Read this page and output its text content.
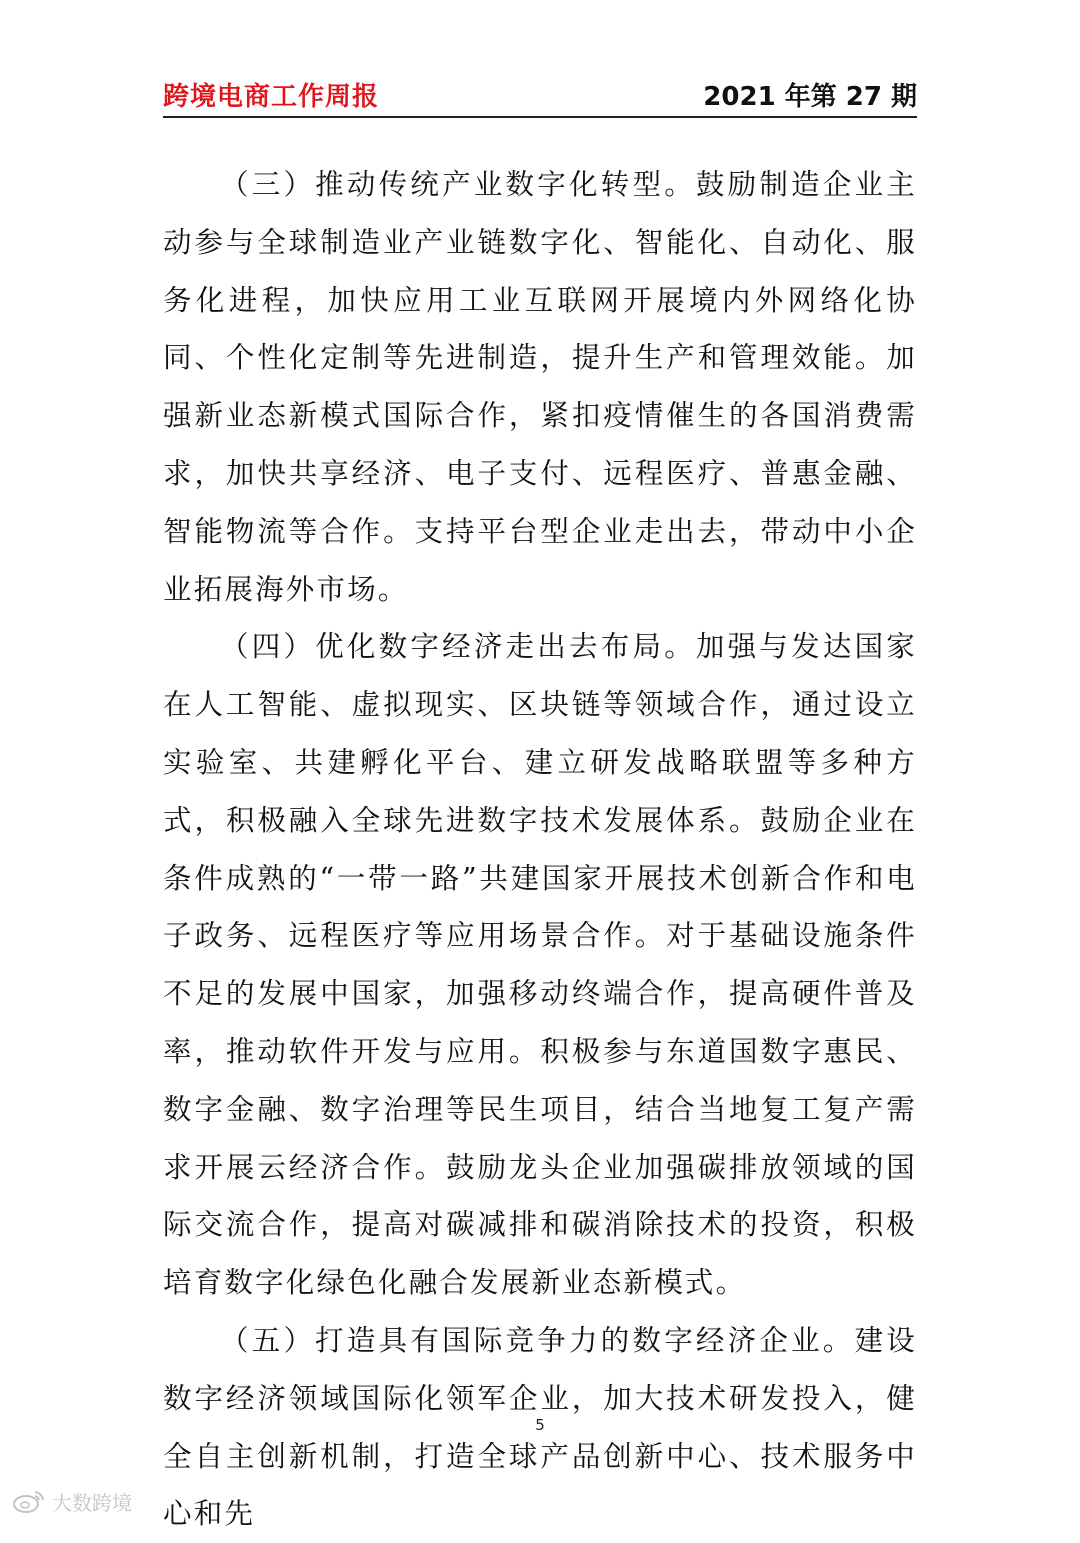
跨境电商工作周报	2021 年第 27 期

（三）推动传统产业数字化转型。鼓励制造企业主动参与全球制造业产业链数字化、智能化、自动化、服务化进程，加快应用工业互联网开展境内外网络化协同、个性化定制等先进制造，提升生产和管理效能。加强新业态新模式国际合作，紧扣疫情催生的各国消费需求，加快共享经济、电子支付、远程医疗、普惠金融、智能物流等合作。支持平台型企业走出去，带动中小企业拓展海外市场。

（四）优化数字经济走出去布局。加强与发达国家在人工智能、虚拟现实、区块链等领域合作，通过设立实验室、共建孵化平台、建立研发战略联盟等多种方式，积极融入全球先进数字技术发展体系。鼓励企业在条件成熟的“一带一路”共建国家开展技术创新合作和电子政务、远程医疗等应用场景合作。对于基础设施条件不足的发展中国家，加强移动终端合作，提高硬件普及率，推动软件开发与应用。积极参与东道国数字惠民、数字金融、数字治理等民生项目，结合当地复工复产需求开展云经济合作。鼓励龙头企业加强碳排放领域的国际交流合作，提高对碳减排和碳消除技术的投资，积极培育数字化绿色化融合发展新业态新模式。

（五）打造具有国际竞争力的数字经济企业。建设数字经济领域国际化领军企业，加大技术研发投入，健全自主创新机制，打造全球产品创新中心、技术服务中心和先

5
大数跨境
